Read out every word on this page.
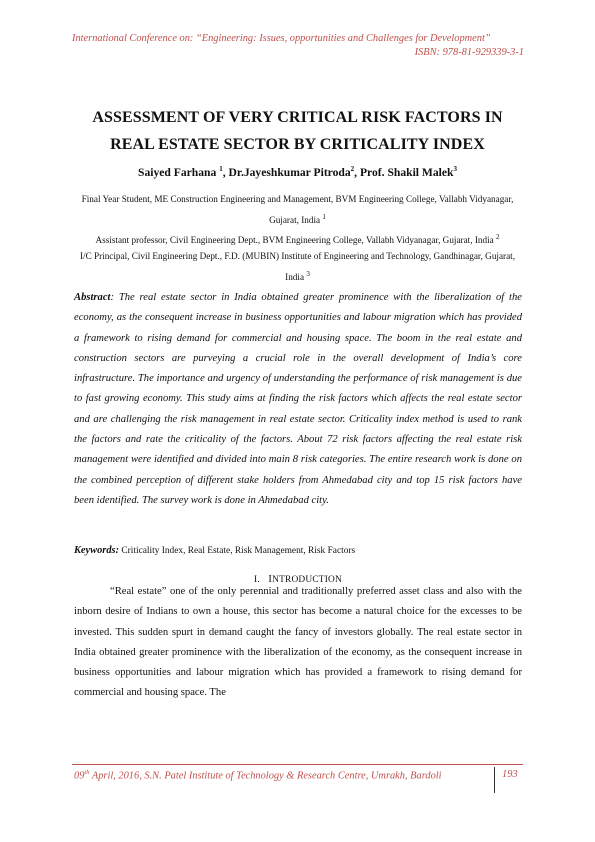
International Conference on: “Engineering: Issues, opportunities and Challenges for Development”
ISBN: 978-81-929339-3-1
ASSESSMENT OF VERY CRITICAL RISK FACTORS IN
REAL ESTATE SECTOR BY CRITICALITY INDEX
Saiyed Farhana $^1$, Dr.Jayeshkumar Pitroda$^2$, Prof. Shakil Malek$^3$
Final Year Student, ME Construction Engineering and Management, BVM Engineering College, Vallabh Vidyanagar, Gujarat, India $^1$
Assistant professor, Civil Engineering Dept., BVM Engineering College, Vallabh Vidyanagar, Gujarat, India $^2$
I/C Principal, Civil Engineering Dept., F.D. (MUBIN) Institute of Engineering and Technology, Gandhinagar, Gujarat, India $^3$
Abstract: The real estate sector in India obtained greater prominence with the liberalization of the economy, as the consequent increase in business opportunities and labour migration which has provided a framework to rising demand for commercial and housing space. The boom in the real estate and construction sectors are purveying a crucial role in the overall development of India’s core infrastructure. The importance and urgency of understanding the performance of risk management is due to fast growing economy. This study aims at finding the risk factors which affects the real estate sector and are challenging the risk management in real estate sector. Criticality index method is used to rank the factors and rate the criticality of the factors. About 72 risk factors affecting the real estate risk management were identified and divided into main 8 risk categories. The entire research work is done on the combined perception of different stake holders from Ahmedabad city and top 15 risk factors have been identified. The survey work is done in Ahmedabad city.
Keywords: Criticality Index, Real Estate, Risk Management, Risk Factors
I. INTRODUCTION
“Real estate” one of the only perennial and traditionally preferred asset class and also with the inborn desire of Indians to own a house, this sector has become a natural choice for the excesses to be invested. This sudden spurt in demand caught the fancy of investors globally. The real estate sector in India obtained greater prominence with the liberalization of the economy, as the consequent increase in business opportunities and labour migration which has provided a framework to rising demand for commercial and housing space. The
09th April, 2016, S.N. Patel Institute of Technology & Research Centre, Umrakh, Bardoli	193
